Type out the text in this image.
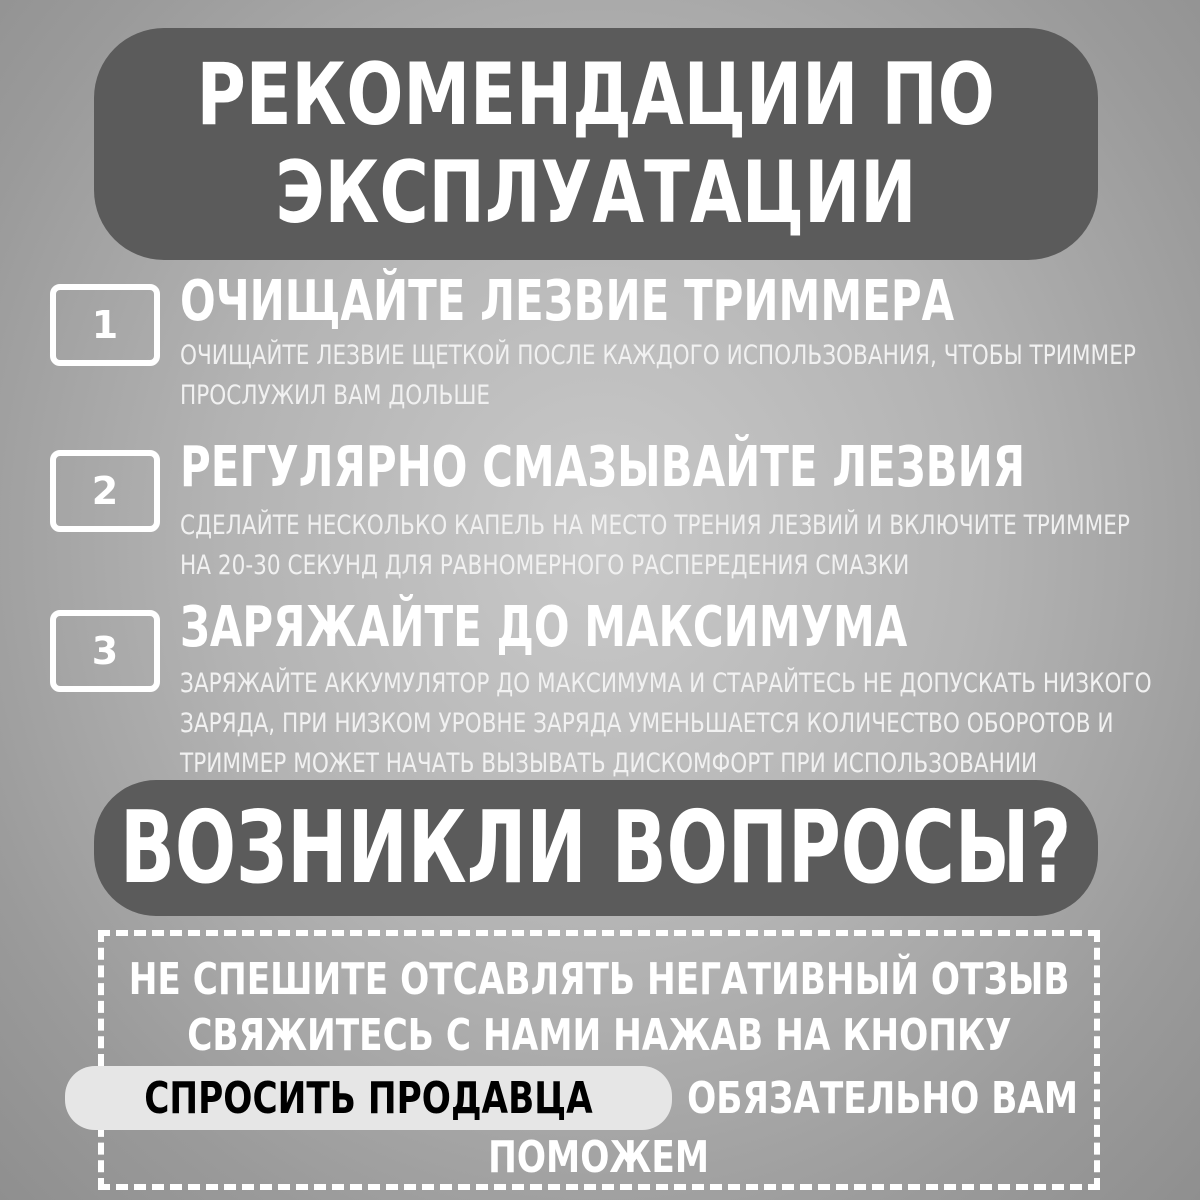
РЕКОМЕНДАЦИИ ПО
ЭКСПЛУАТАЦИИ
1	ОЧИЩАЙТЕ ЛЕЗВИЕ ТРИММЕРА
ОЧИЩАЙТЕ ЛЕЗВИЕ ЩЕТКОЙ ПОСЛЕ КАЖДОГО ИСПОЛЬЗОВАНИЯ, ЧТОБЫ ТРИММЕР
ПРОСЛУЖИЛ ВАМ ДОЛЬШЕ
2	РЕГУЛЯРНО СМАЗЫВАЙТЕ ЛЕЗВИЯ
СДЕЛАЙТЕ НЕСКОЛЬКО КАПЕЛЬ НА МЕСТО ТРЕНИЯ ЛЕЗВИЙ И ВКЛЮЧИТЕ ТРИММЕР
НА 20-30 СЕКУНД ДЛЯ РАВНОМЕРНОГО РАСПЕРЕДЕНИЯ СМАЗКИ
3	ЗАРЯЖАЙТЕ ДО МАКСИМУМА
ЗАРЯЖАЙТЕ АККУМУЛЯТОР ДО МАКСИМУМА И СТАРАЙТЕСЬ НЕ ДОПУСКАТЬ НИЗКОГО
ЗАРЯДА, ПРИ НИЗКОМ УРОВНЕ ЗАРЯДА УМЕНЬШАЕТСЯ КОЛИЧЕСТВО ОБОРОТОВ И
ТРИММЕР МОЖЕТ НАЧАТЬ ВЫЗЫВАТЬ ДИСКОМФОРТ ПРИ ИСПОЛЬЗОВАНИИ
ВОЗНИКЛИ ВОПРОСЫ?
НЕ СПЕШИТЕ ОТСАВЛЯТЬ НЕГАТИВНЫЙ ОТЗЫВ
СВЯЖИТЕСЬ С НАМИ НАЖАВ НА КНОПКУ
СПРОСИТЬ ПРОДАВЦА ОБЯЗАТЕЛЬНО ВАМ
ПОМОЖЕМ
